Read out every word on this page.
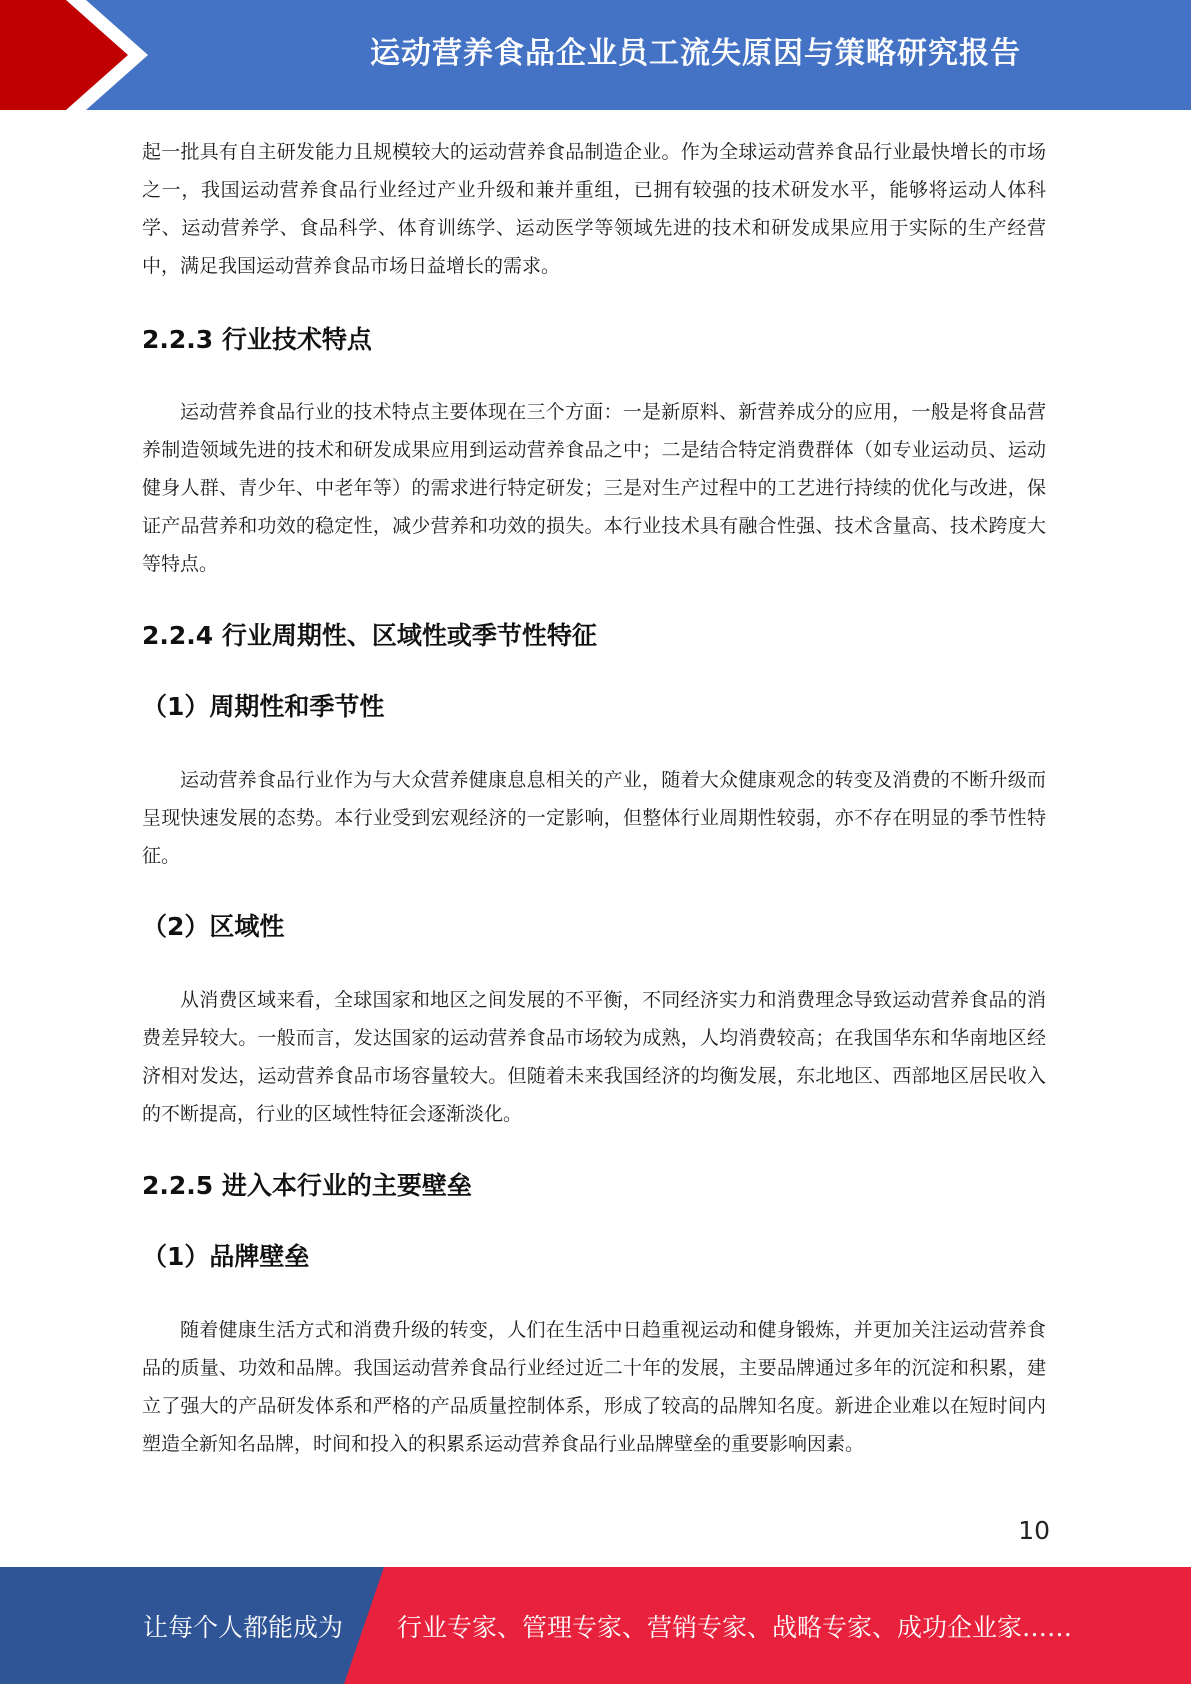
运动营养食品企业员工流失原因与策略研究报告

起一批具有自主研发能力且规模较大的运动营养食品制造企业。作为全球运动营养食品行业最快增长的市场之一，我国运动营养食品行业经过产业升级和兼并重组，已拥有较强的技术研发水平，能够将运动人体科学、运动营养学、食品科学、体育训练学、运动医学等领域先进的技术和研发成果应用于实际的生产经营中，满足我国运动营养食品市场日益增长的需求。

2.2.3 行业技术特点

运动营养食品行业的技术特点主要体现在三个方面：一是新原料、新营养成分的应用，一般是将食品营养制造领域先进的技术和研发成果应用到运动营养食品之中；二是结合特定消费群体（如专业运动员、运动健身人群、青少年、中老年等）的需求进行特定研发；三是对生产过程中的工艺进行持续的优化与改进，保证产品营养和功效的稳定性，减少营养和功效的损失。本行业技术具有融合性强、技术含量高、技术跨度大等特点。

2.2.4 行业周期性、区域性或季节性特征
（1）周期性和季节性

运动营养食品行业作为与大众营养健康息息相关的产业，随着大众健康观念的转变及消费的不断升级而呈现快速发展的态势。本行业受到宏观经济的一定影响，但整体行业周期性较弱，亦不存在明显的季节性特征。

（2）区域性

从消费区域来看，全球国家和地区之间发展的不平衡，不同经济实力和消费理念导致运动营养食品的消费差异较大。一般而言，发达国家的运动营养食品市场较为成熟，人均消费较高；在我国华东和华南地区经济相对发达，运动营养食品市场容量较大。但随着未来我国经济的均衡发展，东北地区、西部地区居民收入的不断提高，行业的区域性特征会逐渐淡化。

2.2.5 进入本行业的主要壁垒
（1）品牌壁垒

随着健康生活方式和消费升级的转变，人们在生活中日趋重视运动和健身锻炼，并更加关注运动营养食品的质量、功效和品牌。我国运动营养食品行业经过近二十年的发展，主要品牌通过多年的沉淀和积累，建立了强大的产品研发体系和严格的产品质量控制体系，形成了较高的品牌知名度。新进企业难以在短时间内塑造全新知名品牌，时间和投入的积累系运动营养食品行业品牌壁垒的重要影响因素。

10
让每个人都能成为 行业专家、管理专家、营销专家、战略专家、成功企业家……
